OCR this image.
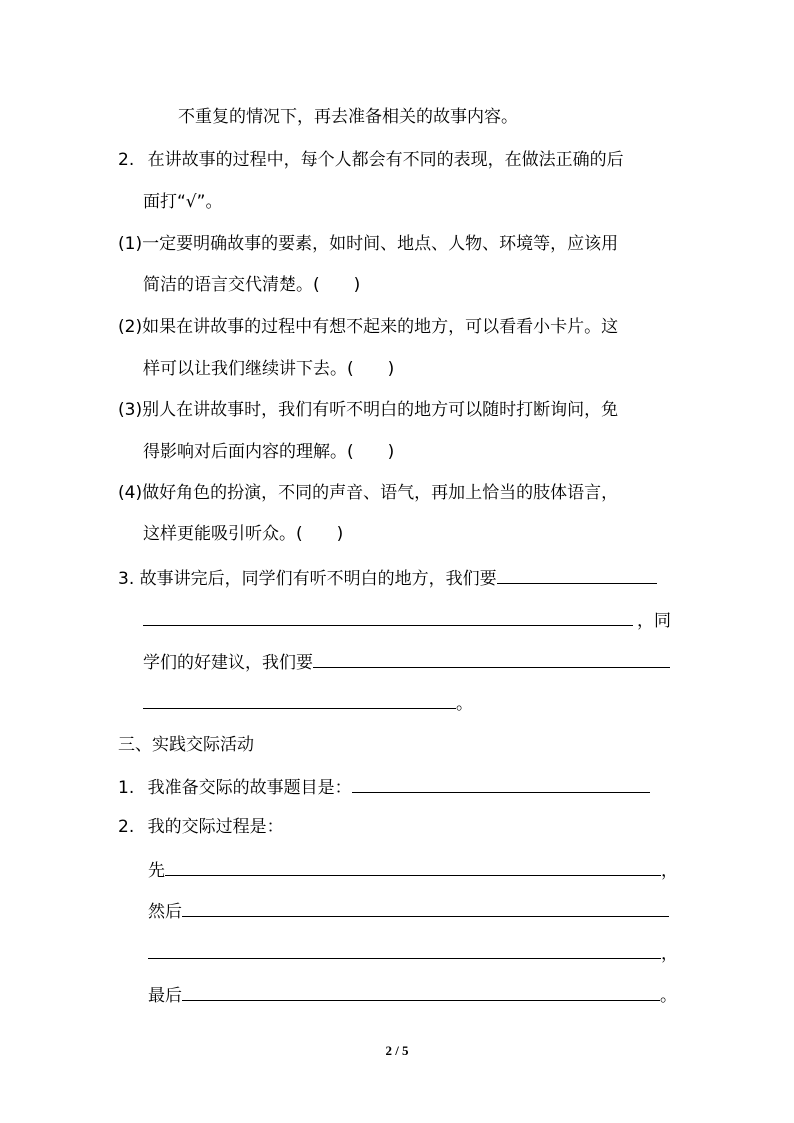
不重复的情况下，再去准备相关的故事内容。
2. 在讲故事的过程中，每个人都会有不同的表现，在做法正确的后
面打“√”。
(1)一定要明确故事的要素，如时间、地点、人物、环境等，应该用
简洁的语言交代清楚。(　　)
(2)如果在讲故事的过程中有想不起来的地方，可以看看小卡片。这
样可以让我们继续讲下去。(　　)
(3)别人在讲故事时，我们有听不明白的地方可以随时打断询问，免
得影响对后面内容的理解。(　　)
(4)做好角色的扮演，不同的声音、语气，再加上恰当的肢体语言，
这样更能吸引听众。(　　)
3. 故事讲完后，同学们有听不明白的地方，我们要
，同
学们的好建议，我们要
。
三、实践交际活动
1. 我准备交际的故事题目是：
2. 我的交际过程是：
先	，
然后
，
最后	。
2 / 5
